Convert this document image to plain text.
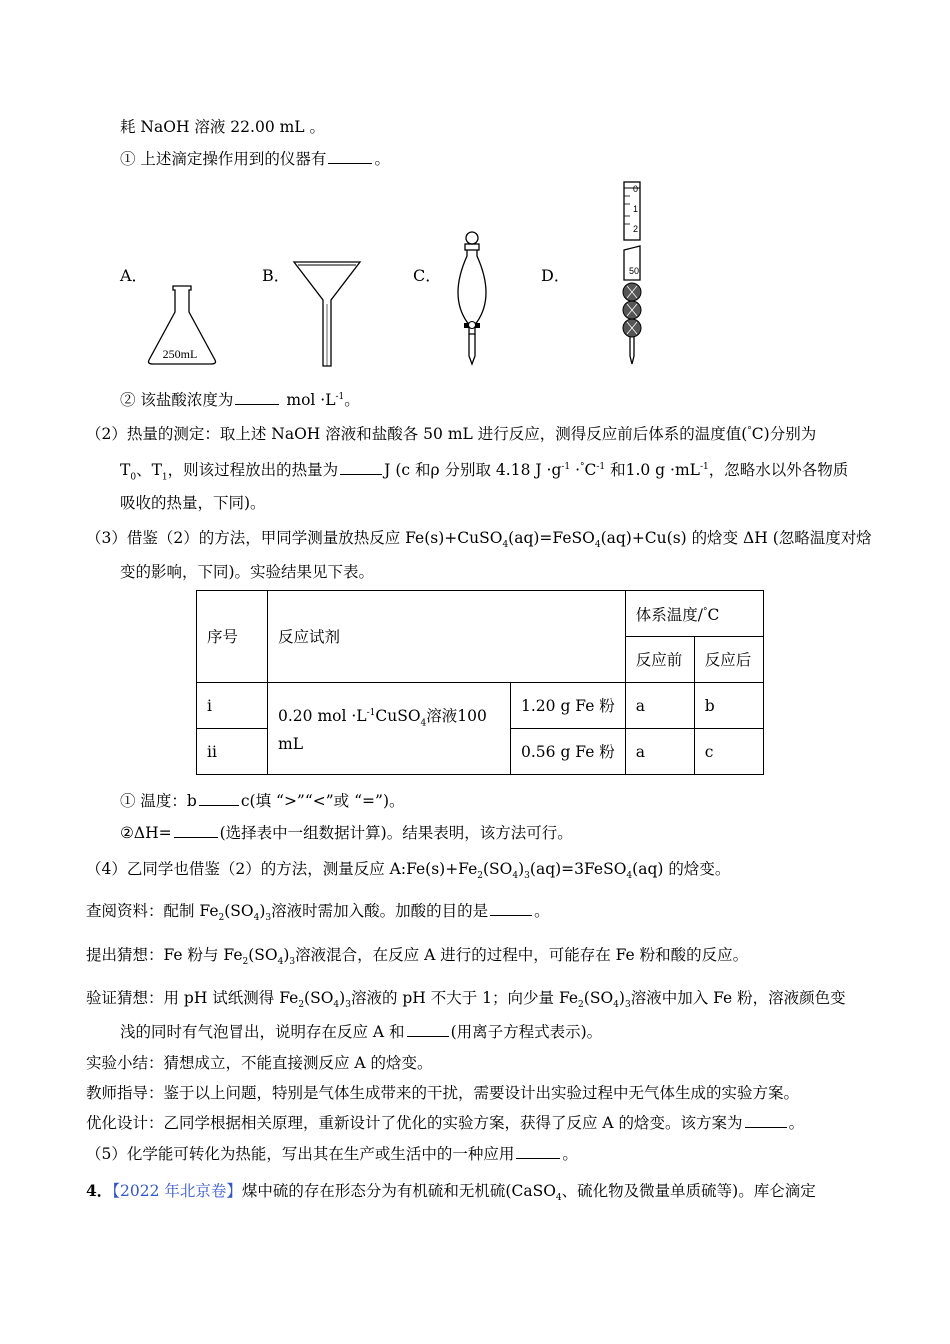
耗 NaOH 溶液 22.00 mL 。
① 上述滴定操作用到的仪器有	。
A．	B．	C．	D．
250mL
0
1
2
50
② 该盐酸浓度为	mol $\cdot L^{-1}$。
（2）热量的测定：取上述 NaOH 溶液和盐酸各 50 mL 进行反应，测得反应前后体系的温度值(°C)分别为
$T_0$、$T_1$，则该过程放出的热量为	J (c 和ρ 分别取 4.18 $J \cdot g^{-1} \cdot^\circ C^{-1}$ 和1.0 $g \cdot mL^{-1}$，忽略水以外各物质
吸收的热量，下同)。
（3）借鉴（2）的方法，甲同学测量放热反应 Fe(s)+CuSO$_4$(aq)=FeSO$_4$(aq)+Cu(s) 的焓变 ΔH (忽略温度对焓
变的影响，下同)。实验结果见下表。
序号	反应试剂		体系温度/°C	
			反应前	反应后
i	0.20 mol $\cdot L^{-1}CuSO_4$溶液100 mL	1.20 g Fe 粉	a	b
ii		0.56 g Fe 粉	a	c
① 温度：b	c(填 “>”“<”或 “=”)。
②ΔH=	(选择表中一组数据计算)。结果表明，该方法可行。
（4）乙同学也借鉴（2）的方法，测量反应 $A:Fe(s)+Fe_2(SO_4)_3(aq)=3FeSO_4(aq)$ 的焓变。
查阅资料：配制 $Fe_2(SO_4)_3$溶液时需加入酸。加酸的目的是	。
提出猜想：Fe 粉与 $Fe_2(SO_4)_3$溶液混合，在反应 A 进行的过程中，可能存在 Fe 粉和酸的反应。
验证猜想：用 pH 试纸测得 $Fe_2(SO_4)_3$溶液的 pH 不大于 1；向少量 $Fe_2(SO_4)_3$溶液中加入 Fe 粉，溶液颜色变
浅的同时有气泡冒出，说明存在反应 A 和	(用离子方程式表示)。
实验小结：猜想成立，不能直接测反应 A 的焓变。
教师指导：鉴于以上问题，特别是气体生成带来的干扰，需要设计出实验过程中无气体生成的实验方案。
优化设计：乙同学根据相关原理，重新设计了优化的实验方案，获得了反应 A 的焓变。该方案为	。
（5）化学能可转化为热能，写出其在生产或生活中的一种应用	。
4．【2022 年北京卷】煤中硫的存在形态分为有机硫和无机硫(CaSO$_4$、硫化物及微量单质硫等)。库仑滴定
